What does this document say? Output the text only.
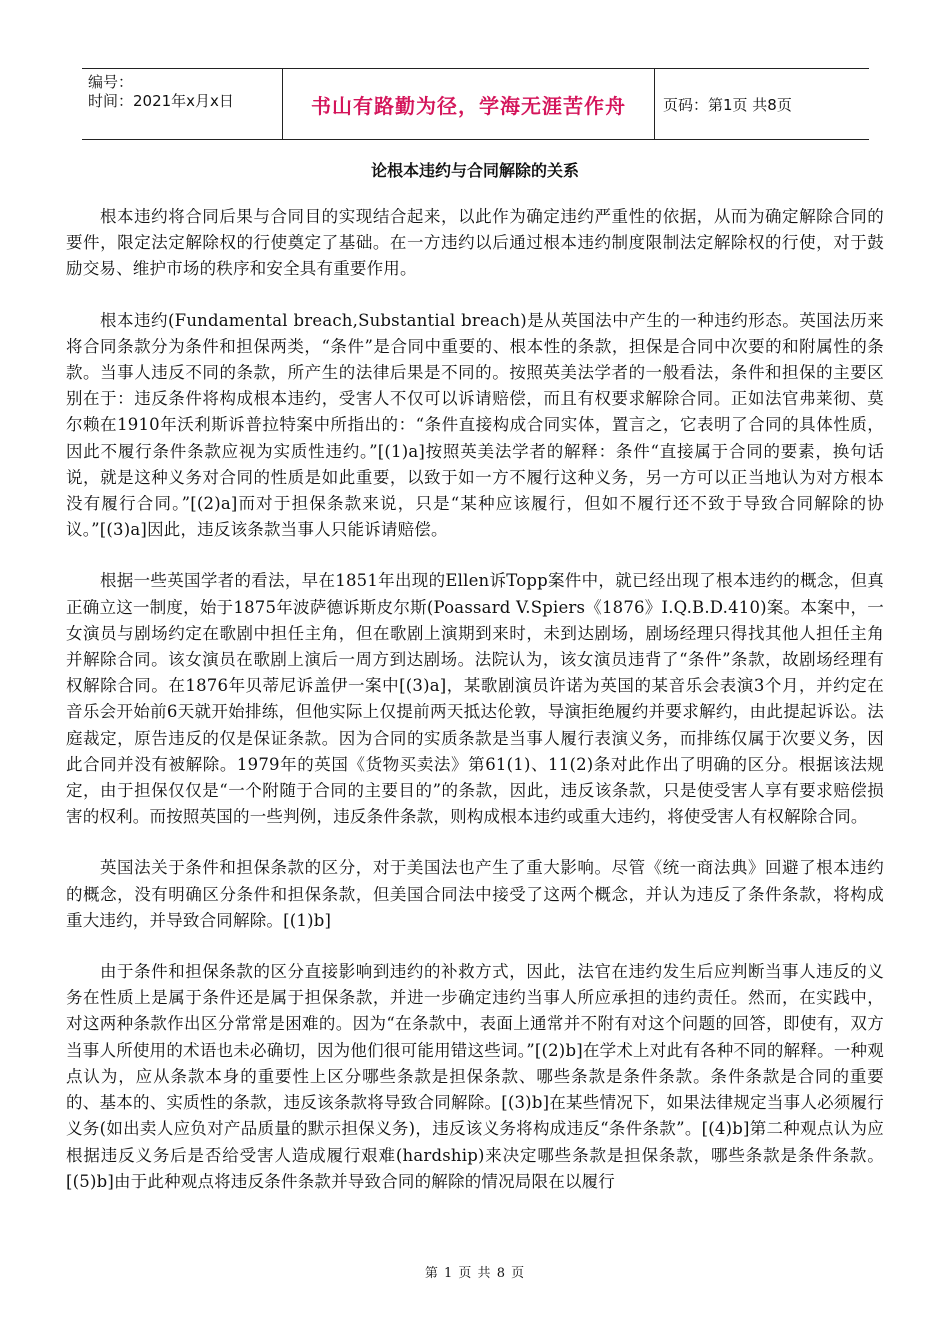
编号：
时间：2021年x月x日	书山有路勤为径，学海无涯苦作舟	页码：第1页 共8页
论根本违约与合同解除的关系

根本违约将合同后果与合同目的实现结合起来，以此作为确定违约严重性的依据，从而为确定解除合同的要件，限定法定解除权的行使奠定了基础。在一方违约以后通过根本违约制度限制法定解除权的行使，对于鼓励交易、维护市场的秩序和安全具有重要作用。

根本违约(Fundamental breach,Substantial breach)是从英国法中产生的一种违约形态。英国法历来将合同条款分为条件和担保两类，“条件”是合同中重要的、根本性的条款，担保是合同中次要的和附属性的条款。当事人违反不同的条款，所产生的法律后果是不同的。按照英美法学者的一般看法，条件和担保的主要区别在于：违反条件将构成根本违约，受害人不仅可以诉请赔偿，而且有权要求解除合同。正如法官弗莱彻、莫尔赖在1910年沃利斯诉普拉特案中所指出的：“条件直接构成合同实体，置言之，它表明了合同的具体性质，因此不履行条件条款应视为实质性违约。”[(1)a]按照英美法学者的解释：条件“直接属于合同的要素，换句话说，就是这种义务对合同的性质是如此重要，以致于如一方不履行这种义务，另一方可以正当地认为对方根本没有履行合同。”[(2)a]而对于担保条款来说，只是“某种应该履行，但如不履行还不致于导致合同解除的协议。”[(3)a]因此，违反该条款当事人只能诉请赔偿。

根据一些英国学者的看法，早在1851年出现的Ellen诉Topp案件中，就已经出现了根本违约的概念，但真正确立这一制度，始于1875年波萨德诉斯皮尔斯(Poassard V.Spiers《1876》I.Q.B.D.410)案。本案中，一女演员与剧场约定在歌剧中担任主角，但在歌剧上演期到来时，未到达剧场，剧场经理只得找其他人担任主角并解除合同。该女演员在歌剧上演后一周方到达剧场。法院认为，该女演员违背了“条件”条款，故剧场经理有权解除合同。在1876年贝蒂尼诉盖伊一案中[(3)a]，某歌剧演员许诺为英国的某音乐会表演3个月，并约定在音乐会开始前6天就开始排练，但他实际上仅提前两天抵达伦敦，导演拒绝履约并要求解约，由此提起诉讼。法庭裁定，原告违反的仅是保证条款。因为合同的实质条款是当事人履行表演义务，而排练仅属于次要义务，因此合同并没有被解除。1979年的英国《货物买卖法》第61(1)、11(2)条对此作出了明确的区分。根据该法规定，由于担保仅仅是“一个附随于合同的主要目的”的条款，因此，违反该条款，只是使受害人享有要求赔偿损害的权利。而按照英国的一些判例，违反条件条款，则构成根本违约或重大违约，将使受害人有权解除合同。

英国法关于条件和担保条款的区分，对于美国法也产生了重大影响。尽管《统一商法典》回避了根本违约的概念，没有明确区分条件和担保条款，但美国合同法中接受了这两个概念，并认为违反了条件条款，将构成重大违约，并导致合同解除。[(1)b]

由于条件和担保条款的区分直接影响到违约的补救方式，因此，法官在违约发生后应判断当事人违反的义务在性质上是属于条件还是属于担保条款，并进一步确定违约当事人所应承担的违约责任。然而，在实践中，对这两种条款作出区分常常是困难的。因为“在条款中，表面上通常并不附有对这个问题的回答，即使有，双方当事人所使用的术语也未必确切，因为他们很可能用错这些词。”[(2)b]在学术上对此有各种不同的解释。一种观点认为，应从条款本身的重要性上区分哪些条款是担保条款、哪些条款是条件条款。条件条款是合同的重要的、基本的、实质性的条款，违反该条款将导致合同解除。[(3)b]在某些情况下，如果法律规定当事人必须履行义务(如出卖人应负对产品质量的默示担保义务)，违反该义务将构成违反“条件条款”。[(4)b]第二种观点认为应根据违反义务后是否给受害人造成履行艰难(hardship)来决定哪些条款是担保条款，哪些条款是条件条款。[(5)b]由于此种观点将违反条件条款并导致合同的解除的情况局限在以履行

第 1 页 共 8 页
